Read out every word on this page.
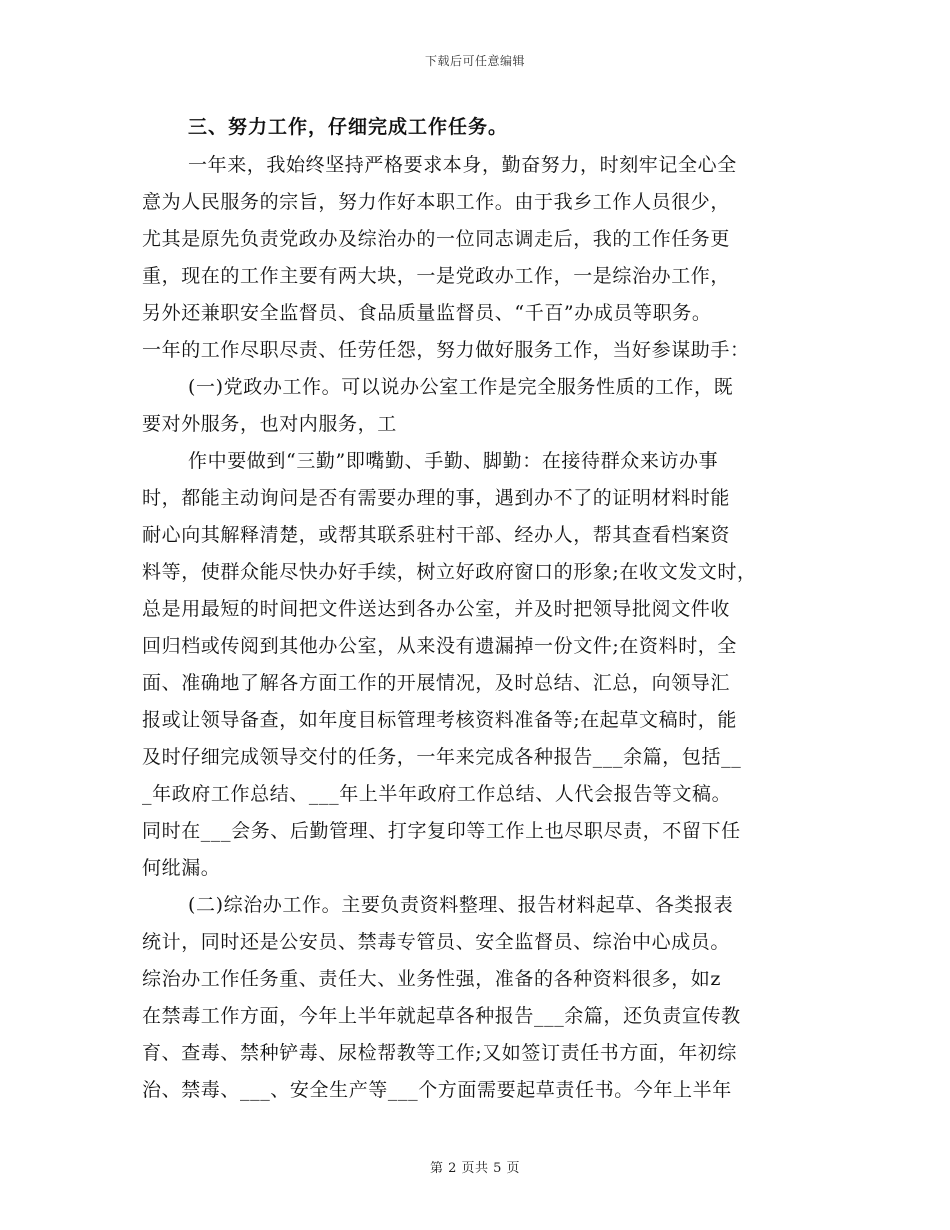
下载后可任意编辑
三、努力工作，仔细完成工作任务。
一年来，我始终坚持严格要求本身，勤奋努力，时刻牢记全心全
意为人民服务的宗旨，努力作好本职工作。由于我乡工作人员很少，
尤其是原先负责党政办及综治办的一位同志调走后，我的工作任务更
重，现在的工作主要有两大块，一是党政办工作，一是综治办工作，
另外还兼职安全监督员、食品质量监督员、“千百”办成员等职务。
一年的工作尽职尽责、任劳任怨，努力做好服务工作，当好参谋助手：
(一)党政办工作。可以说办公室工作是完全服务性质的工作，既
要对外服务，也对内服务，工
作中要做到“三勤”即嘴勤、手勤、脚勤：在接待群众来访办事
时，都能主动询问是否有需要办理的事，遇到办不了的证明材料时能
耐心向其解释清楚，或帮其联系驻村干部、经办人，帮其查看档案资
料等，使群众能尽快办好手续，树立好政府窗口的形象;在收文发文时，
总是用最短的时间把文件送达到各办公室，并及时把领导批阅文件收
回归档或传阅到其他办公室，从来没有遗漏掉一份文件;在资料时，全
面、准确地了解各方面工作的开展情况，及时总结、汇总，向领导汇
报或让领导备查，如年度目标管理考核资料准备等;在起草文稿时，能
及时仔细完成领导交付的任务，一年来完成各种报告___余篇，包括__
_年政府工作总结、___年上半年政府工作总结、人代会报告等文稿。
同时在___会务、后勤管理、打字复印等工作上也尽职尽责，不留下任
何纰漏。
(二)综治办工作。主要负责资料整理、报告材料起草、各类报表
统计，同时还是公安员、禁毒专管员、安全监督员、综治中心成员。
综治办工作任务重、责任大、业务性强，准备的各种资料很多，如z
在禁毒工作方面，今年上半年就起草各种报告___余篇，还负责宣传教
育、查毒、禁种铲毒、尿检帮教等工作;又如签订责任书方面，年初综
治、禁毒、___、安全生产等___个方面需要起草责任书。今年上半年
第 2 页共 5 页
